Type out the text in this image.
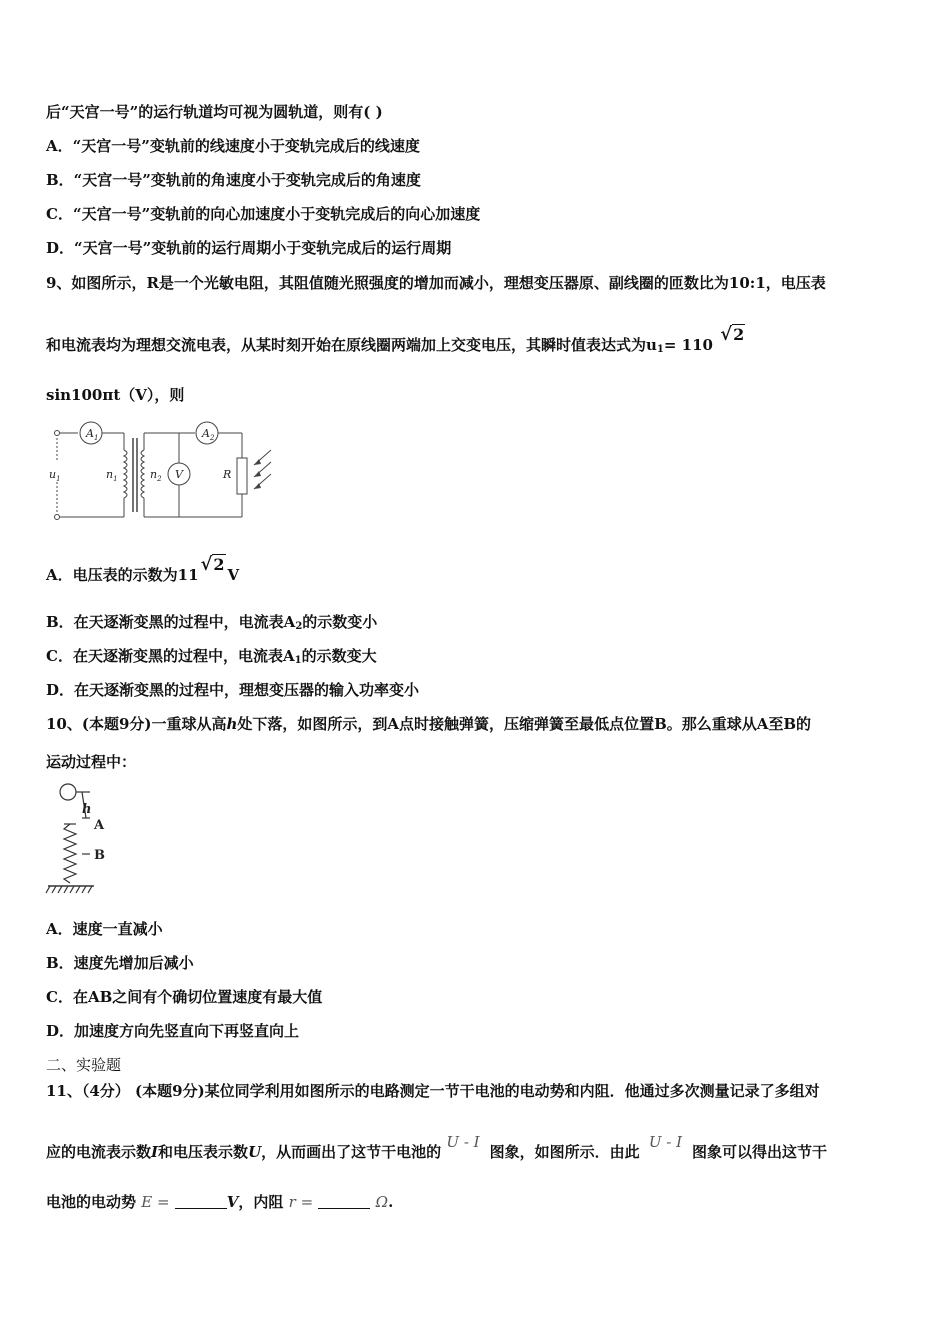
后“天宫一号”的运行轨道均可视为圆轨道，则有( )
A．“天宫一号”变轨前的线速度小于变轨完成后的线速度
B．“天宫一号”变轨前的角速度小于变轨完成后的角速度
C．“天宫一号”变轨前的向心加速度小于变轨完成后的向心加速度
D．“天宫一号”变轨前的运行周期小于变轨完成后的运行周期
9、如图所示，R是一个光敏电阻，其阻值随光照强度的增加而减小，理想变压器原、副线圈的匝数比为10:1，电压表
和电流表均为理想交流电表，从某时刻开始在原线圈两端加上交变电压，其瞬时值表达式为$u_1= 110$ √2
sin100πt（V），则
$A_1$	$A_2$
V
$u_1$	$n_1$	$n_2$	R
A．电压表的示数为11 √2V
B．在天逐渐变黑的过程中，电流表$A_2$的示数变小
C．在天逐渐变黑的过程中，电流表$A_1$的示数变大
D．在天逐渐变黑的过程中，理想变压器的输入功率变小
10、(本题9分)一重球从高h处下落，如图所示，到A点时接触弹簧，压缩弹簧至最低点位置B。那么重球从A至B的
运动过程中：
h
A
B
A．速度一直减小
B．速度先增加后减小
C．在AB之间有个确切位置速度有最大值
D．加速度方向先竖直向下再竖直向上
二、实验题
11、（4分） (本题9分)某位同学利用如图所示的电路测定一节干电池的电动势和内阻．他通过多次测量记录了多组对
应的电流表示数I和电压表示数U，从而画出了这节干电池的 U - I图象，如图所示．由此 U - I图象可以得出这节干
电池的电动势 E =	V，内阻 r =	Ω.
